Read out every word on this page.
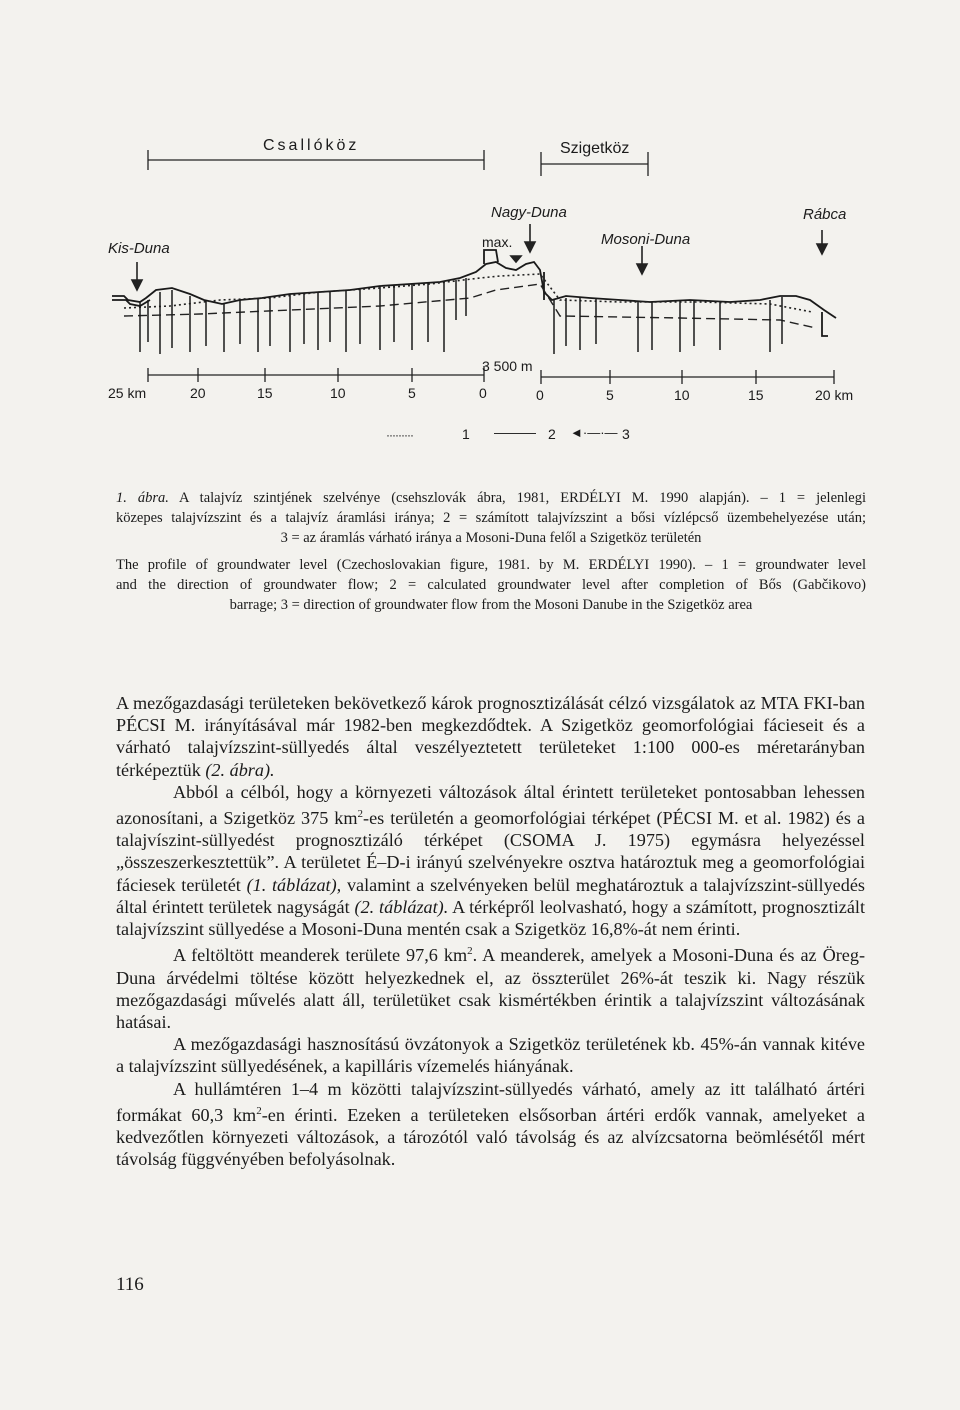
Csallóköz	Szigetköz
Nagy-Duna	Rábca
Kis-Duna
Mosoni-Duna
max.
3 500 m
25 km	20	15	10	5	0	0	5	10	15	20 km
·········	1 ——— 2 ◄·—·— 3
1. ábra. A talajvíz szintjének szelvénye (csehszlovák ábra, 1981, ERDÉLYI M. 1990 alapján). – 1 = jelenlegi
közepes talajvízszint és a talajvíz áramlási iránya; 2 = számított talajvízszint a bősi vízlépcső üzembehelyezése után;
3 = az áramlás várható iránya a Mosoni-Duna felől a Szigetköz területén
The profile of groundwater level (Czechoslovakian figure, 1981. by M. ERDÉLYI 1990). – 1 = groundwater level
and the direction of groundwater flow; 2 = calculated groundwater level after completion of Bős (Gabčikovo)
barrage; 3 = direction of groundwater flow from the Mosoni Danube in the Szigetköz area

A mezőgazdasági területeken bekövetkező károk prognosztizálását célzó vizsgálatok az MTA FKI-ban PÉCSI M. irányításával már 1982-ben megkezdődtek. A Szigetköz geomorfológiai fácieseit és a várható talajvízszint-süllyedés által veszélyeztetett területeket 1:100 000-es méretarányban térképeztük (2. ábra).

Abból a célból, hogy a környezeti változások által érintett területeket pontosabban lehessen azonosítani, a Szigetköz 375 $km^2-es$ területén a geomorfológiai térképet (PÉCSI M. et al. 1982) és a talajvíszint-süllyedést prognosztizáló térképet (CSOMA J. 1975) egymásra helyezéssel „összeszerkesztettük”. A területet É–D-i irányú szelvényekre osztva határoztuk meg a geomorfológiai fáciesek területét (1. táblázat), valamint a szelvényeken belül meghatároztuk a talajvízszint-süllyedés által érintett területek nagyságát (2. táblázat). A térképről leolvasható, hogy a számított, prognosztizált talajvízszint süllyedése a Mosoni-Duna mentén csak a Szigetköz 16,8%-át nem érinti.

A feltöltött meanderek területe 97,6 $km^2$. A meanderek, amelyek a Mosoni-Duna és az Öreg-Duna árvédelmi töltése között helyezkednek el, az összterület 26%-át teszik ki. Nagy részük mezőgazdasági művelés alatt áll, területüket csak kismértékben érintik a talajvízszint változásának hatásai.

A mezőgazdasági hasznosítású övzátonyok a Szigetköz területének kb. 45%-án vannak kitéve a talajvízszint süllyedésének, a kapilláris vízemelés hiányának.

A hullámtéren 1–4 m közötti talajvízszint-süllyedés várható, amely az itt található ártéri formákat 60,3 $km^2-en$ érinti. Ezeken a területeken elsősorban ártéri erdők vannak, amelyeket a kedvezőtlen környezeti változások, a tározótól való távolság és az alvízcsatorna beömlésétől mért távolság függvényében befolyásolnak.

116
